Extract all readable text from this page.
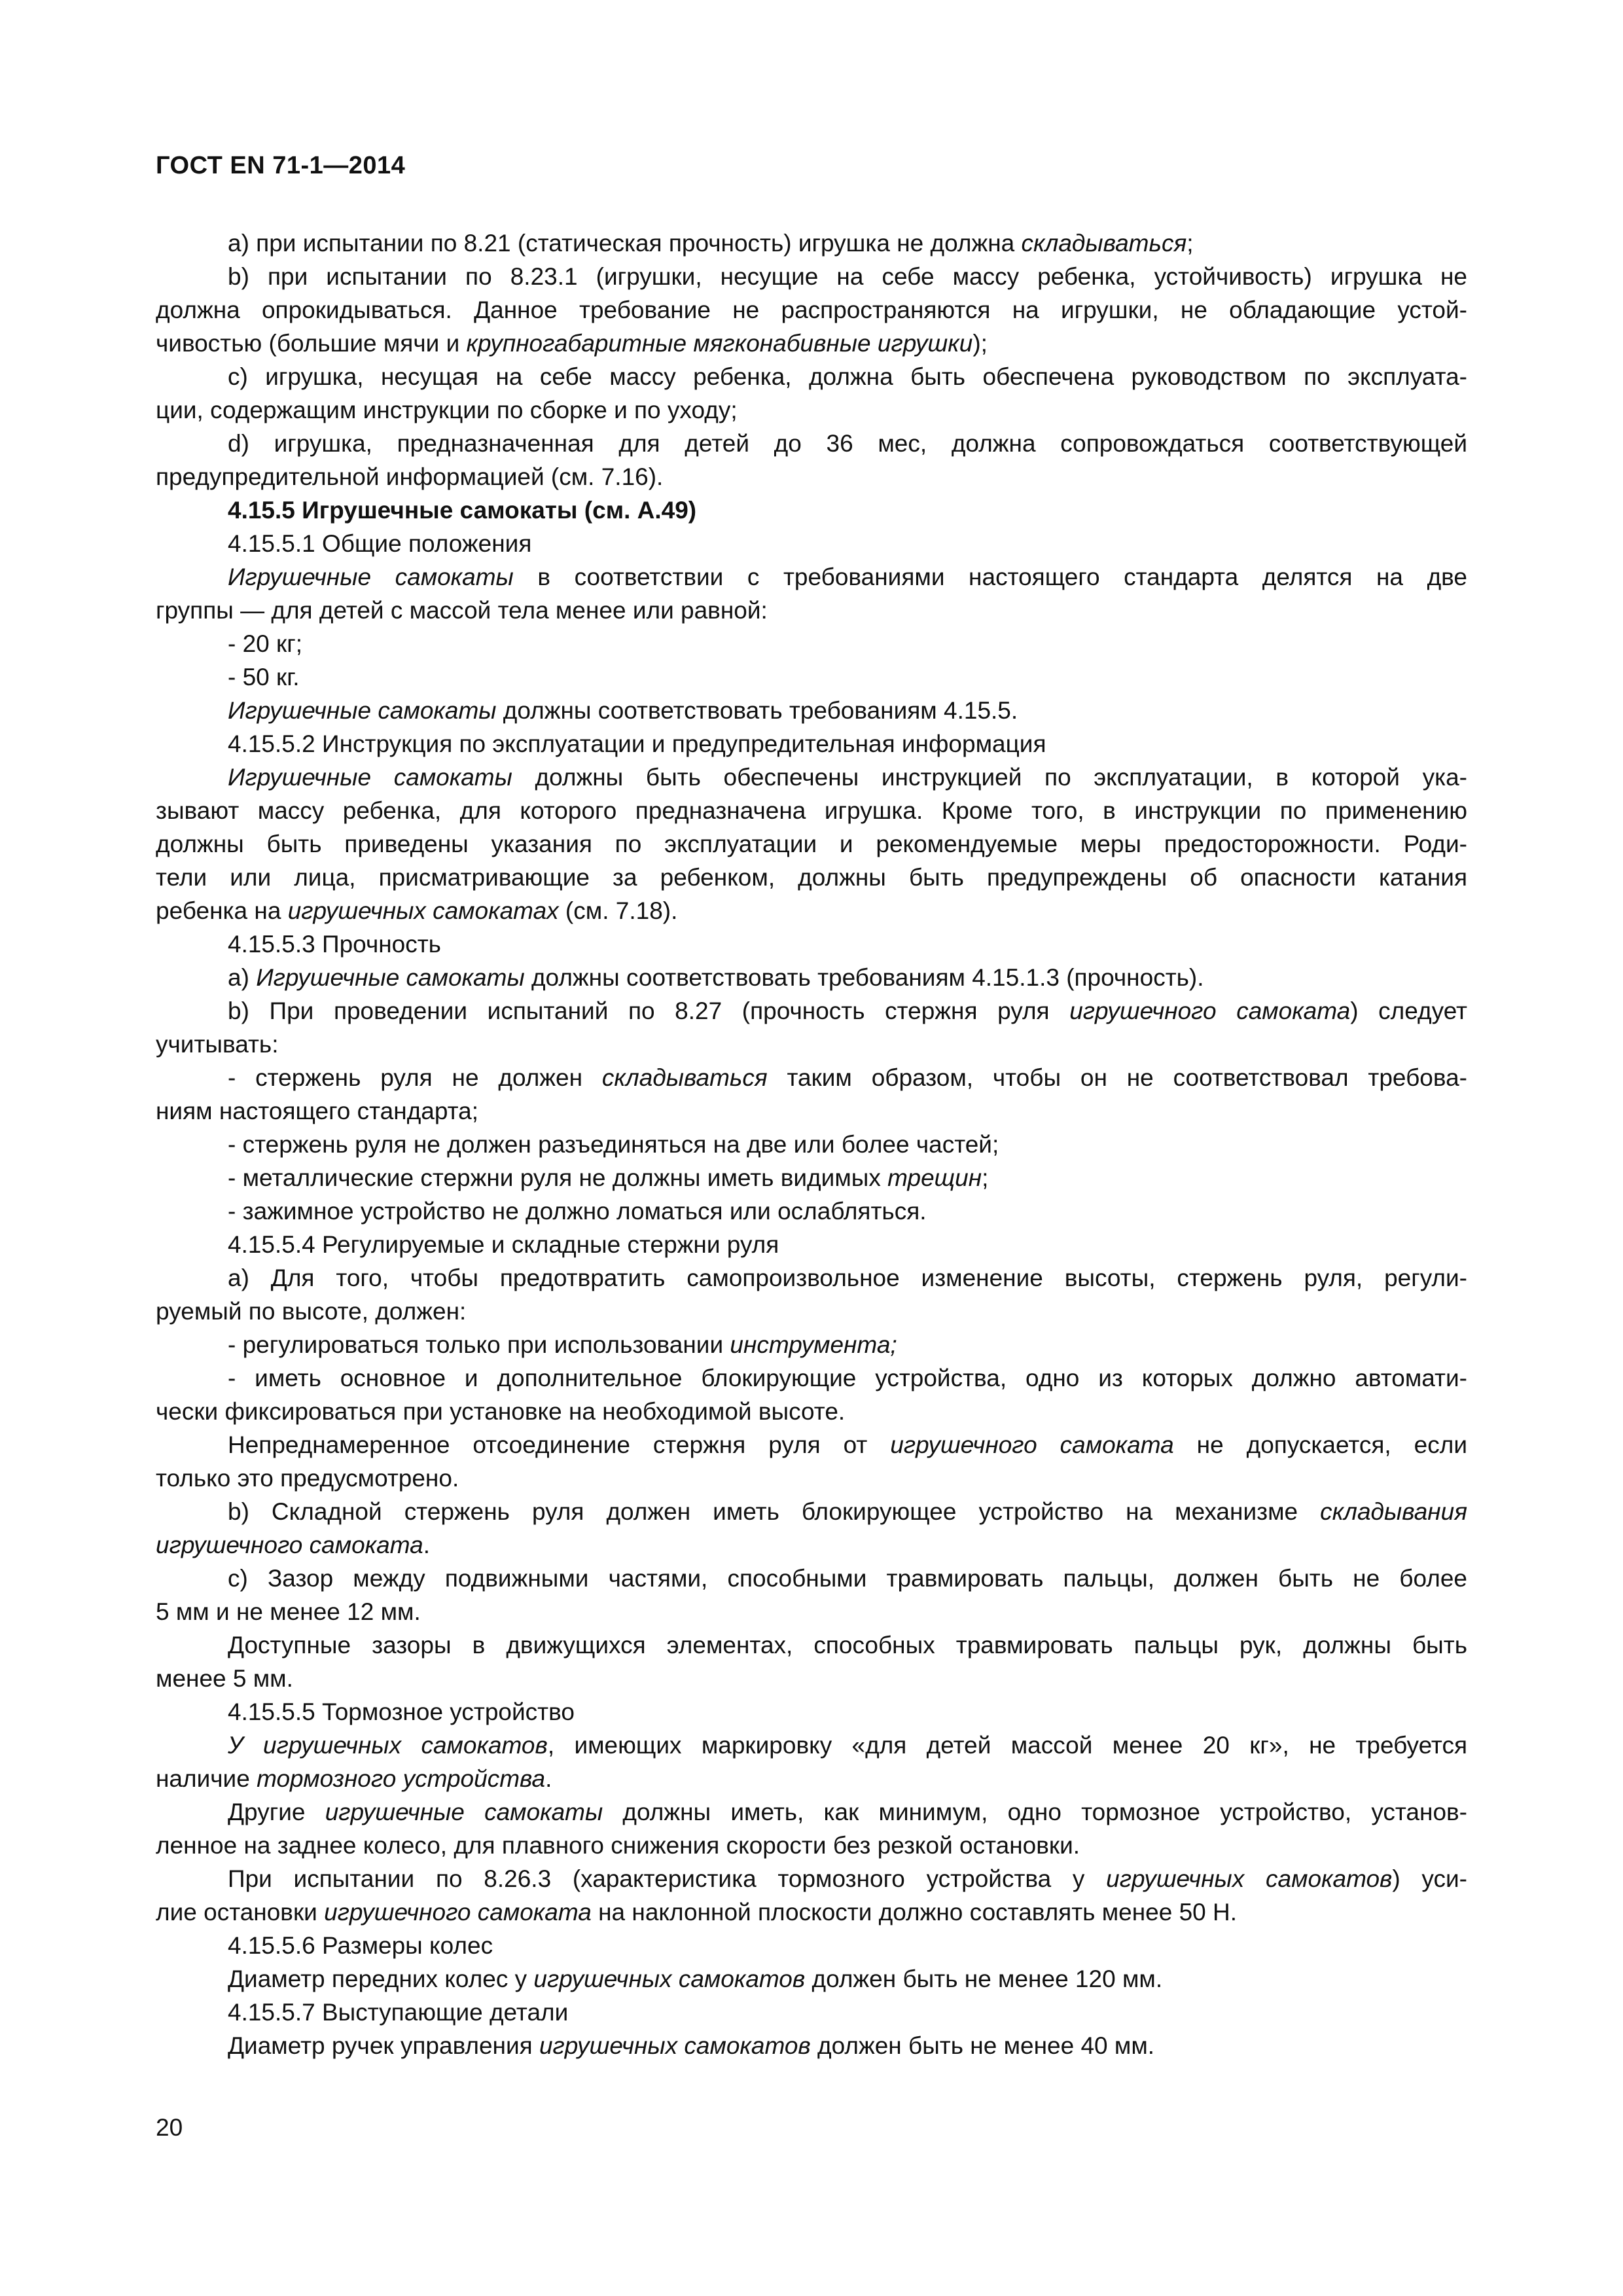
ГОСТ EN 71-1—2014
а) при испытании по 8.21 (статическая прочность) игрушка не должна складываться;
b) при испытании по 8.23.1 (игрушки, несущие на себе массу ребенка, устойчивость) игрушка не
должна опрокидываться. Данное требование не распространяются на игрушки, не обладающие устой-
чивостью (большие мячи и крупногабаритные мягконабивные игрушки);
с) игрушка, несущая на себе массу ребенка, должна быть обеспечена руководством по эксплуата-
ции, содержащим инструкции по сборке и по уходу;
d) игрушка, предназначенная для детей до 36 мес, должна сопровождаться соответствующей
предупредительной информацией (см. 7.16).
4.15.5 Игрушечные самокаты (см. А.49)
4.15.5.1 Общие положения
Игрушечные самокаты в соответствии с требованиями настоящего стандарта делятся на две
группы — для детей с массой тела менее или равной:
- 20 кг;
- 50 кг.
Игрушечные самокаты должны соответствовать требованиям 4.15.5.
4.15.5.2 Инструкция по эксплуатации и предупредительная информация
Игрушечные самокаты должны быть обеспечены инструкцией по эксплуатации, в которой ука-
зывают массу ребенка, для которого предназначена игрушка. Кроме того, в инструкции по применению
должны быть приведены указания по эксплуатации и рекомендуемые меры предосторожности. Роди-
тели или лица, присматривающие за ребенком, должны быть предупреждены об опасности катания
ребенка на игрушечных самокатах (см. 7.18).
4.15.5.3 Прочность
а) Игрушечные самокаты должны соответствовать требованиям 4.15.1.3 (прочность).
b) При проведении испытаний по 8.27 (прочность стержня руля игрушечного самоката) следует
учитывать:
- стержень руля не должен складываться таким образом, чтобы он не соответствовал требова-
ниям настоящего стандарта;
- стержень руля не должен разъединяться на две или более частей;
- металлические стержни руля не должны иметь видимых трещин;
- зажимное устройство не должно ломаться или ослабляться.
4.15.5.4 Регулируемые и складные стержни руля
а) Для того, чтобы предотвратить самопроизвольное изменение высоты, стержень руля, регули-
руемый по высоте, должен:
- регулироваться только при использовании инструмента;
- иметь основное и дополнительное блокирующие устройства, одно из которых должно автомати-
чески фиксироваться при установке на необходимой высоте.
Непреднамеренное отсоединение стержня руля от игрушечного самоката не допускается, если
только это предусмотрено.
b) Складной стержень руля должен иметь блокирующее устройство на механизме складывания
игрушечного самоката.
с) Зазор между подвижными частями, способными травмировать пальцы, должен быть не более
5 мм и не менее 12 мм.
Доступные зазоры в движущихся элементах, способных травмировать пальцы рук, должны быть
менее 5 мм.
4.15.5.5 Тормозное устройство
У игрушечных самокатов, имеющих маркировку «для детей массой менее 20 кг», не требуется
наличие тормозного устройства.
Другие игрушечные самокаты должны иметь, как минимум, одно тормозное устройство, установ-
ленное на заднее колесо, для плавного снижения скорости без резкой остановки.
При испытании по 8.26.3 (характеристика тормозного устройства у игрушечных самокатов) уси-
лие остановки игрушечного самоката на наклонной плоскости должно составлять менее 50 Н.
4.15.5.6 Размеры колес
Диаметр передних колес у игрушечных самокатов должен быть не менее 120 мм.
4.15.5.7 Выступающие детали
Диаметр ручек управления игрушечных самокатов должен быть не менее 40 мм.
20
